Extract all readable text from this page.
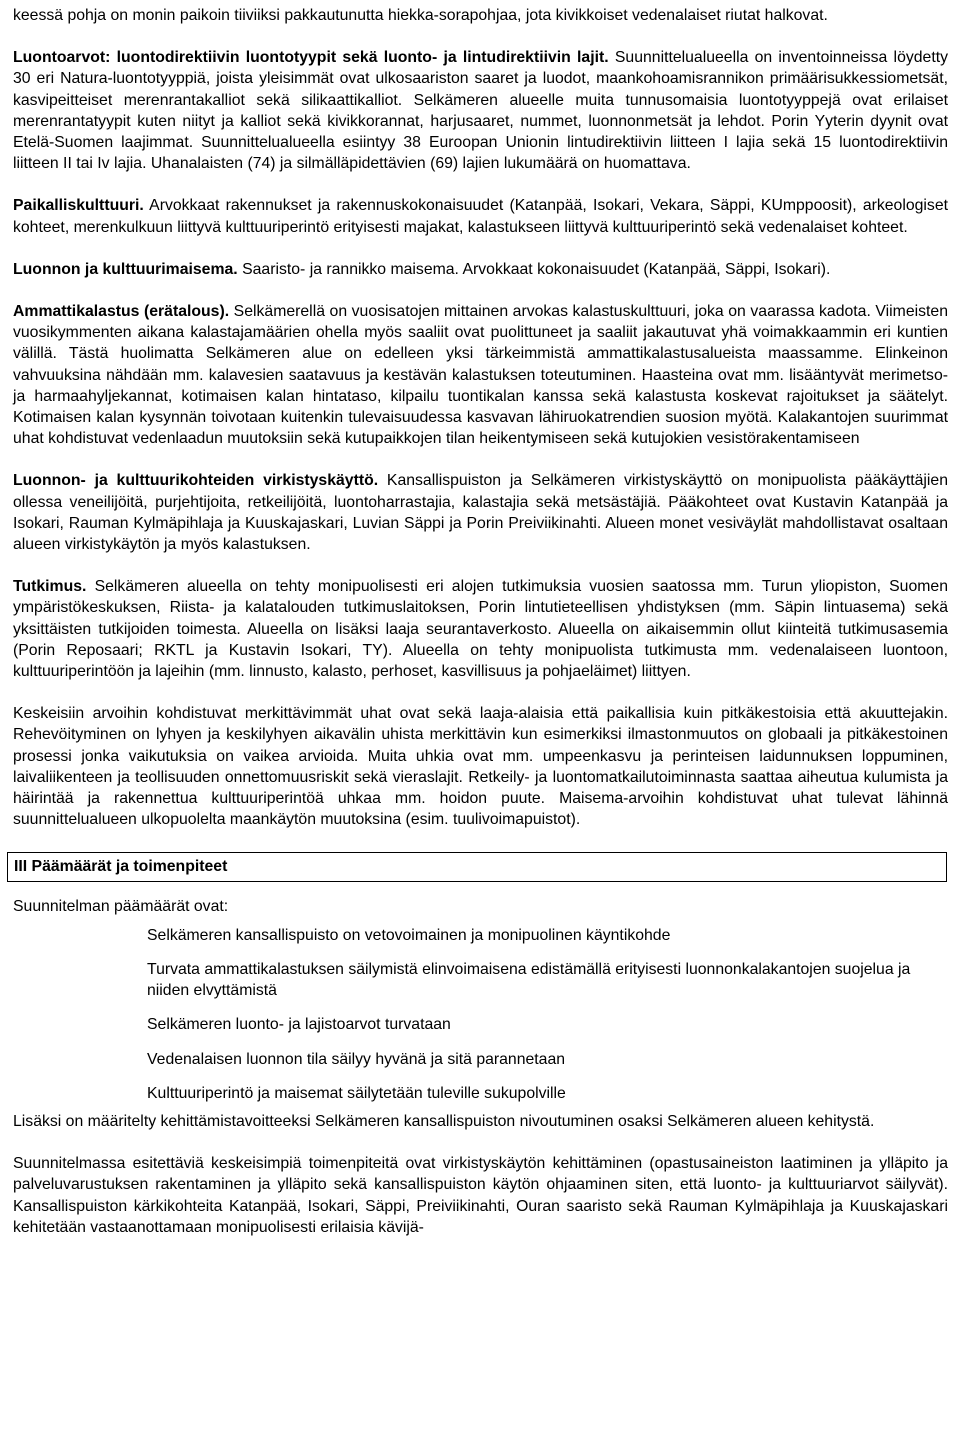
keessä pohja on monin paikoin tiiviiksi pakkautunutta hiekka-sorapohjaa, jota kivikkoiset vedenalaiset riutat halkovat.

Luontoarvot: luontodirektiivin luontotyypit sekä luonto- ja lintudirektiivin lajit. Suunnittelualueella on inventoinneissa löydetty 30 eri Natura-luontotyyppiä, joista yleisimmät ovat ulkosaariston saaret ja luodot, maankohoamisrannikon primäärisukkessiometsät, kasvipeitteiset merenrantakalliot sekä silikaattikalliot. Selkämeren alueelle muita tunnusomaisia luontotyyppejä ovat erilaiset merenrantatyypit kuten niityt ja kalliot sekä kivikkorannat, harjusaaret, nummet, luonnonmetsät ja lehdot. Porin Yyterin dyynit ovat Etelä-Suomen laajimmat. Suunnittelualueella esiintyy 38 Euroopan Unionin lintudirektiivin liitteen I lajia sekä 15 luontodirektiivin liitteen II tai Iv lajia. Uhanalaisten (74) ja silmälläpidettävien (69) lajien lukumäärä on huomattava.

Paikalliskulttuuri. Arvokkaat rakennukset ja rakennuskokonaisuudet (Katanpää, Isokari, Vekara, Säppi, KUmppoosit), arkeologiset kohteet, merenkulkuun liittyvä kulttuuriperintö erityisesti majakat, kalastukseen liittyvä kulttuuriperintö sekä vedenalaiset kohteet.

Luonnon ja kulttuurimaisema. Saaristo- ja rannikko maisema. Arvokkaat kokonaisuudet (Katanpää, Säppi, Isokari).

Ammattikalastus (erätalous). Selkämerellä on vuosisatojen mittainen arvokas kalastuskulttuuri, joka on vaarassa kadota. Viimeisten vuosikymmenten aikana kalastajamäärien ohella myös saaliit ovat puolittuneet ja saaliit jakautuvat yhä voimakkaammin eri kuntien välillä. Tästä huolimatta Selkämeren alue on edelleen yksi tärkeimmistä ammattikalastusalueista maassamme. Elinkeinon vahvuuksina nähdään mm. kalavesien saatavuus ja kestävän kalastuksen toteutuminen. Haasteina ovat mm. lisääntyvät merimetso- ja harmaahyljekannat, kotimaisen kalan hintataso, kilpailu tuontikalan kanssa sekä kalastusta koskevat rajoitukset ja säätelyt. Kotimaisen kalan kysynnän toivotaan kuitenkin tulevaisuudessa kasvavan lähiruokatrendien suosion myötä. Kalakantojen suurimmat uhat kohdistuvat vedenlaadun muutoksiin sekä kutupaikkojen tilan heikentymiseen sekä kutujokien vesistörakentamiseen

Luonnon- ja kulttuurikohteiden virkistyskäyttö. Kansallispuiston ja Selkämeren virkistyskäyttö on monipuolista pääkäyttäjien ollessa veneilijöitä, purjehtijoita, retkeilijöitä, luontoharrastajia, kalastajia sekä metsästäjiä. Pääkohteet ovat Kustavin Katanpää ja Isokari, Rauman Kylmäpihlaja ja Kuuskajaskari, Luvian Säppi ja Porin Preiviikinahti. Alueen monet vesiväylät mahdollistavat osaltaan alueen virkistykäytön ja myös kalastuksen.

Tutkimus. Selkämeren alueella on tehty monipuolisesti eri alojen tutkimuksia vuosien saatossa mm. Turun yliopiston, Suomen ympäristökeskuksen, Riista- ja kalatalouden tutkimuslaitoksen, Porin lintutieteellisen yhdistyksen (mm. Säpin lintuasema) sekä yksittäisten tutkijoiden toimesta. Alueella on lisäksi laaja seurantaverkosto. Alueella on aikaisemmin ollut kiinteitä tutkimusasemia (Porin Reposaari; RKTL ja Kustavin Isokari, TY). Alueella on tehty monipuolista tutkimusta mm. vedenalaiseen luontoon, kulttuuriperintöön ja lajeihin (mm. linnusto, kalasto, perhoset, kasvillisuus ja pohjaeläimet) liittyen.

Keskeisiin arvoihin kohdistuvat merkittävimmät uhat ovat sekä laaja-alaisia että paikallisia kuin pitkäkestoisia että akuuttejakin. Rehevöityminen on lyhyen ja keskilyhyen aikavälin uhista merkittävin kun esimerkiksi ilmastonmuutos on globaali ja pitkäkestoinen prosessi jonka vaikutuksia on vaikea arvioida. Muita uhkia ovat mm. umpeenkasvu ja perinteisen laidunnuksen loppuminen, laivaliikenteen ja teollisuuden onnettomuusriskit sekä vieraslajit. Retkeily- ja luontomatkailutoiminnasta saattaa aiheutua kulumista ja häirintää ja rakennettua kulttuuriperintöä uhkaa mm. hoidon puute. Maisema-arvoihin kohdistuvat uhat tulevat lähinnä suunnittelualueen ulkopuolelta maankäytön muutoksina (esim. tuulivoimapuistot).

III Päämäärät ja toimenpiteet

Suunnitelman päämäärät ovat:

Selkämeren kansallispuisto on vetovoimainen ja monipuolinen käyntikohde
Turvata ammattikalastuksen säilymistä elinvoimaisena edistämällä erityisesti luonnonkalakantojen suojelua ja niiden elvyttämistä
Selkämeren luonto- ja lajistoarvot turvataan
Vedenalaisen luonnon tila säilyy hyvänä ja sitä parannetaan
Kulttuuriperintö ja maisemat säilytetään tuleville sukupolville

Lisäksi on määritelty kehittämistavoitteeksi Selkämeren kansallispuiston nivoutuminen osaksi Selkämeren alueen kehitystä.

Suunnitelmassa esitettäviä keskeisimpiä toimenpiteitä ovat virkistyskäytön kehittäminen (opastusaineiston laatiminen ja ylläpito ja palveluvarustuksen rakentaminen ja ylläpito sekä kansallispuiston käytön ohjaaminen siten, että luonto- ja kulttuuriarvot säilyvät). Kansallispuiston kärkikohteita Katanpää, Isokari, Säppi, Preiviikinahti, Ouran saaristo sekä Rauman Kylmäpihlaja ja Kuuskajaskari kehitetään vastaanottamaan monipuolisesti erilaisia kävijä-
